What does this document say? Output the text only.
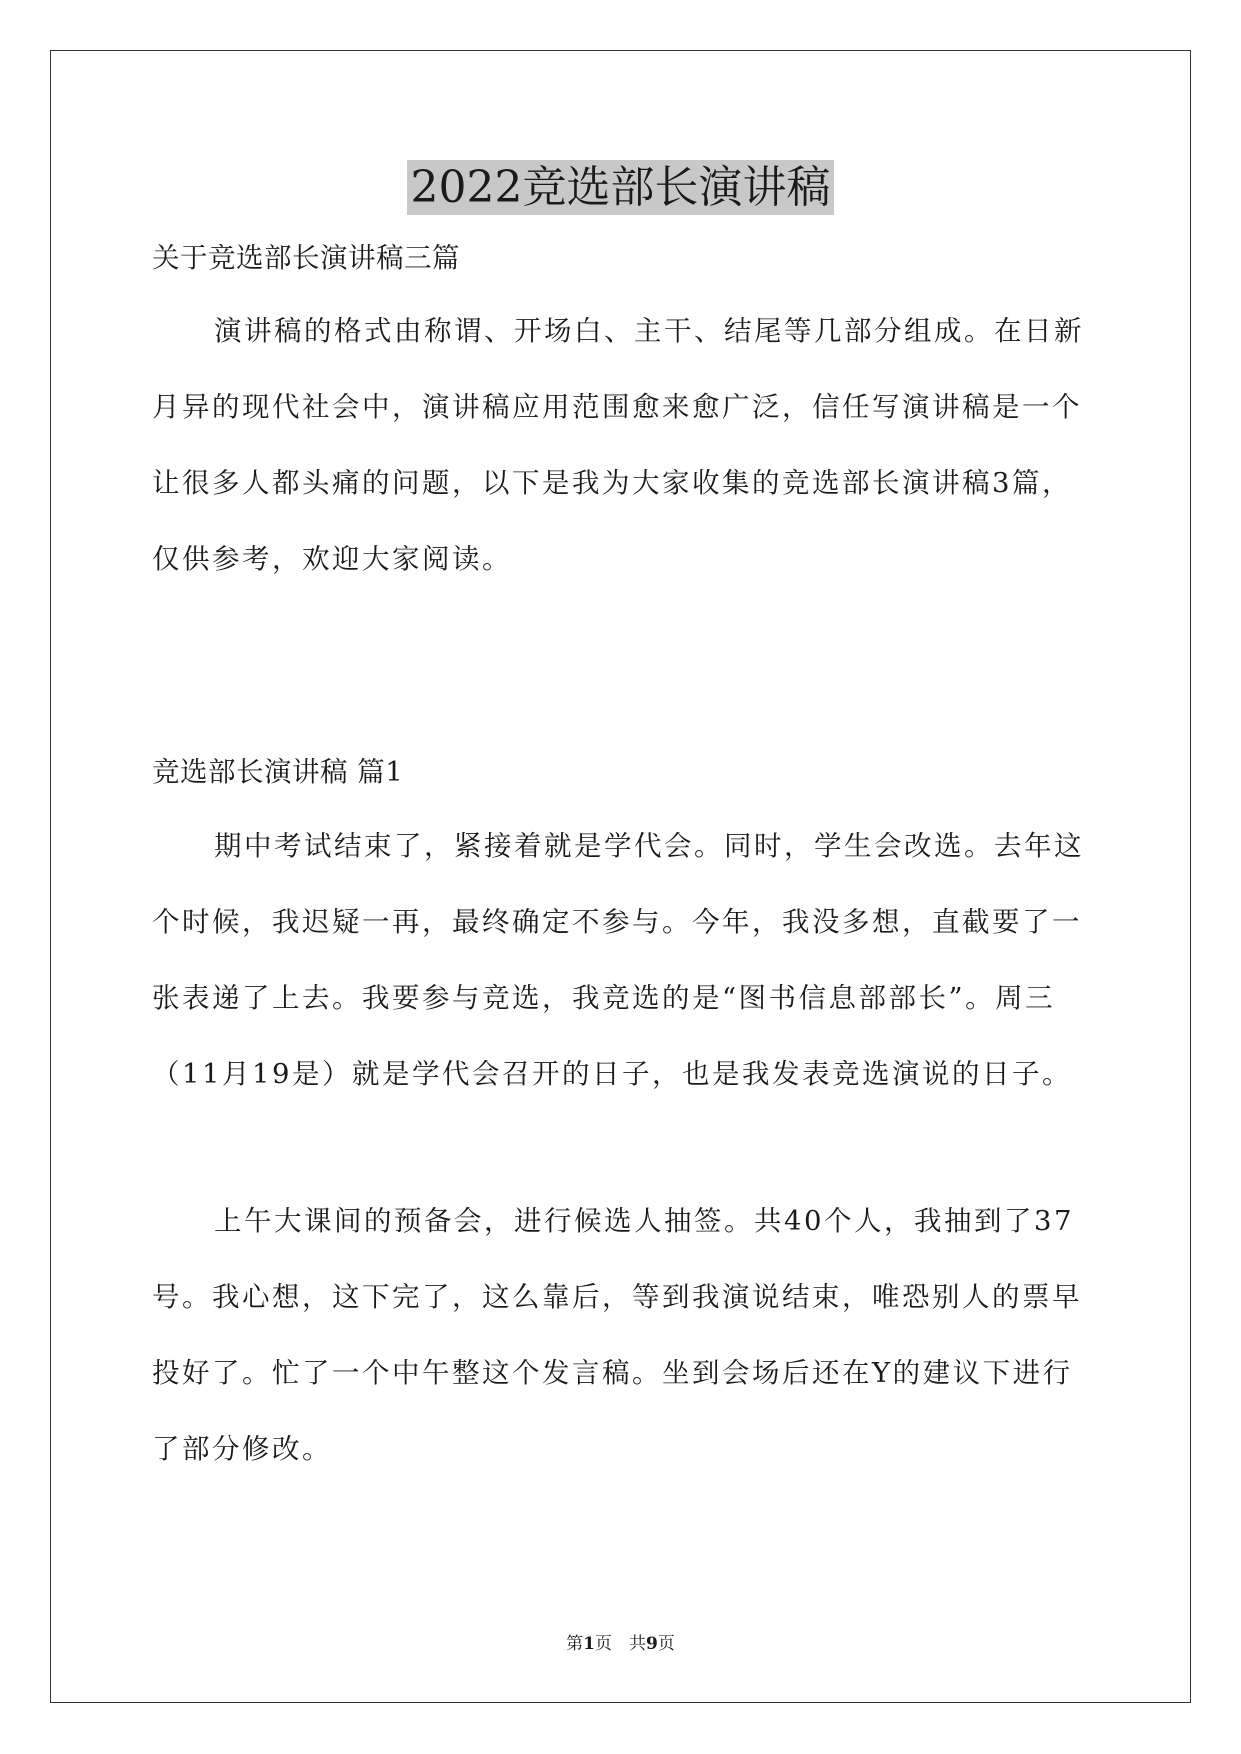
2022竞选部长演讲稿

关于竞选部长演讲稿三篇

演讲稿的格式由称谓、开场白、主干、结尾等几部分组成。在日新月异的现代社会中，演讲稿应用范围愈来愈广泛，信任写演讲稿是一个让很多人都头痛的问题，以下是我为大家收集的竞选部长演讲稿3篇，仅供参考，欢迎大家阅读。

竞选部长演讲稿 篇1

期中考试结束了，紧接着就是学代会。同时，学生会改选。去年这个时候，我迟疑一再，最终确定不参与。今年，我没多想，直截要了一张表递了上去。我要参与竞选，我竞选的是“图书信息部部长”。周三（11月19是）就是学代会召开的日子，也是我发表竞选演说的日子。

上午大课间的预备会，进行候选人抽签。共40个人，我抽到了37号。我心想，这下完了，这么靠后，等到我演说结束，唯恐别人的票早投好了。忙了一个中午整这个发言稿。坐到会场后还在Y的建议下进行了部分修改。

第1页　共9页
